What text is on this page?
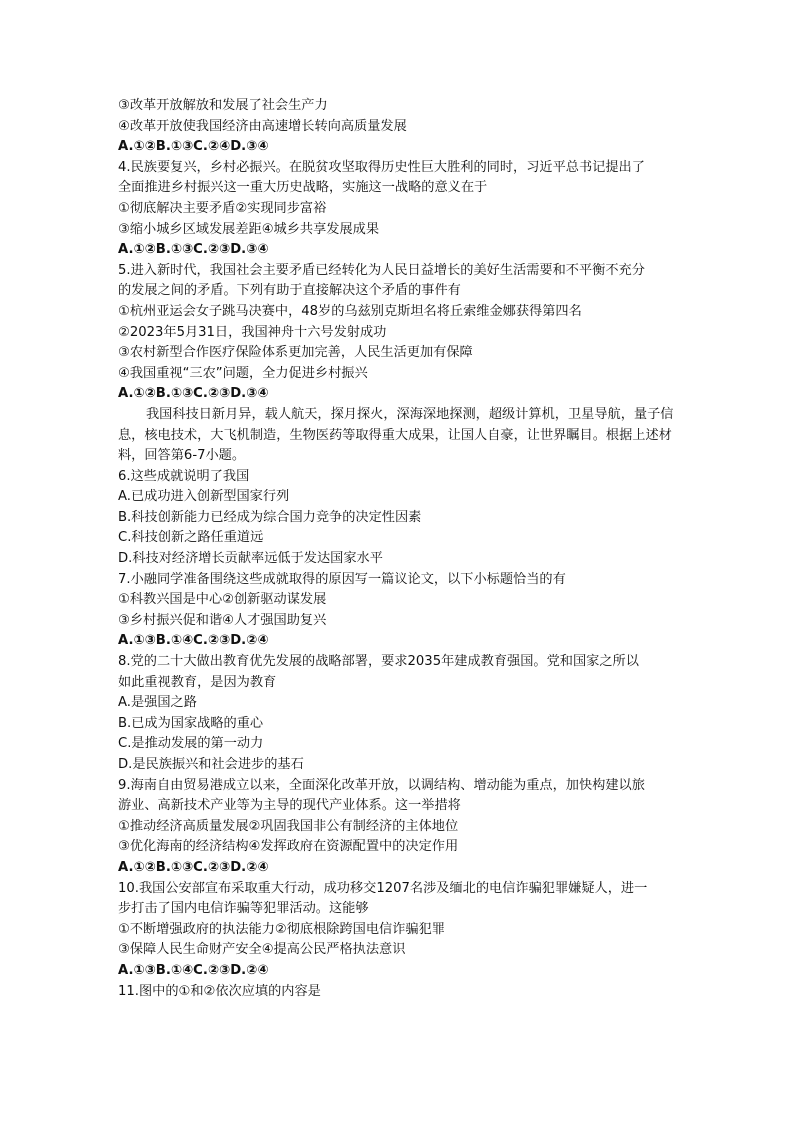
③改革开放解放和发展了社会生产力
④改革开放使我国经济由高速增长转向高质量发展
A.①②B.①③C.②④D.③④
4.民族要复兴，乡村必振兴。在脱贫攻坚取得历史性巨大胜利的同时，习近平总书记提出了
全面推进乡村振兴这一重大历史战略，实施这一战略的意义在于
①彻底解决主要矛盾②实现同步富裕
③缩小城乡区域发展差距④城乡共享发展成果
A.①②B.①③C.②③D.③④
5.进入新时代，我国社会主要矛盾已经转化为人民日益增长的美好生活需要和不平衡不充分
的发展之间的矛盾。下列有助于直接解决这个矛盾的事件有
①杭州亚运会女子跳马决赛中，48岁的乌兹别克斯坦名将丘索维金娜获得第四名
②2023年5月31日，我国神舟十六号发射成功
③农村新型合作医疗保险体系更加完善，人民生活更加有保障
④我国重视“三农”问题，全力促进乡村振兴
A.①②B.①③C.②③D.③④
我国科技日新月异，载人航天，探月探火，深海深地探测，超级计算机，卫星导航，量子信息，核电技术，大飞机制造，生物医药等取得重大成果，让国人自豪，让世界瞩目。根据上述材料，回答第6-7小题。
6.这些成就说明了我国
A.已成功进入创新型国家行列
B.科技创新能力已经成为综合国力竞争的决定性因素
C.科技创新之路任重道远
D.科技对经济增长贡献率远低于发达国家水平
7.小融同学准备围绕这些成就取得的原因写一篇议论文，以下小标题恰当的有
①科教兴国是中心②创新驱动谋发展
③乡村振兴促和谐④人才强国助复兴
A.①③B.①④C.②③D.②④
8.党的二十大做出教育优先发展的战略部署，要求2035年建成教育强国。党和国家之所以
如此重视教育，是因为教育
A.是强国之路
B.已成为国家战略的重心
C.是推动发展的第一动力
D.是民族振兴和社会进步的基石
9.海南自由贸易港成立以来，全面深化改革开放，以调结构、增动能为重点，加快构建以旅
游业、高新技术产业等为主导的现代产业体系。这一举措将
①推动经济高质量发展②巩固我国非公有制经济的主体地位
③优化海南的经济结构④发挥政府在资源配置中的决定作用
A.①②B.①③C.②③D.②④
10.我国公安部宣布采取重大行动，成功移交1207名涉及缅北的电信诈骗犯罪嫌疑人，进一
步打击了国内电信诈骗等犯罪活动。这能够
①不断增强政府的执法能力②彻底根除跨国电信诈骗犯罪
③保障人民生命财产安全④提高公民严格执法意识
A.①③B.①④C.②③D.②④
11.图中的①和②依次应填的内容是
